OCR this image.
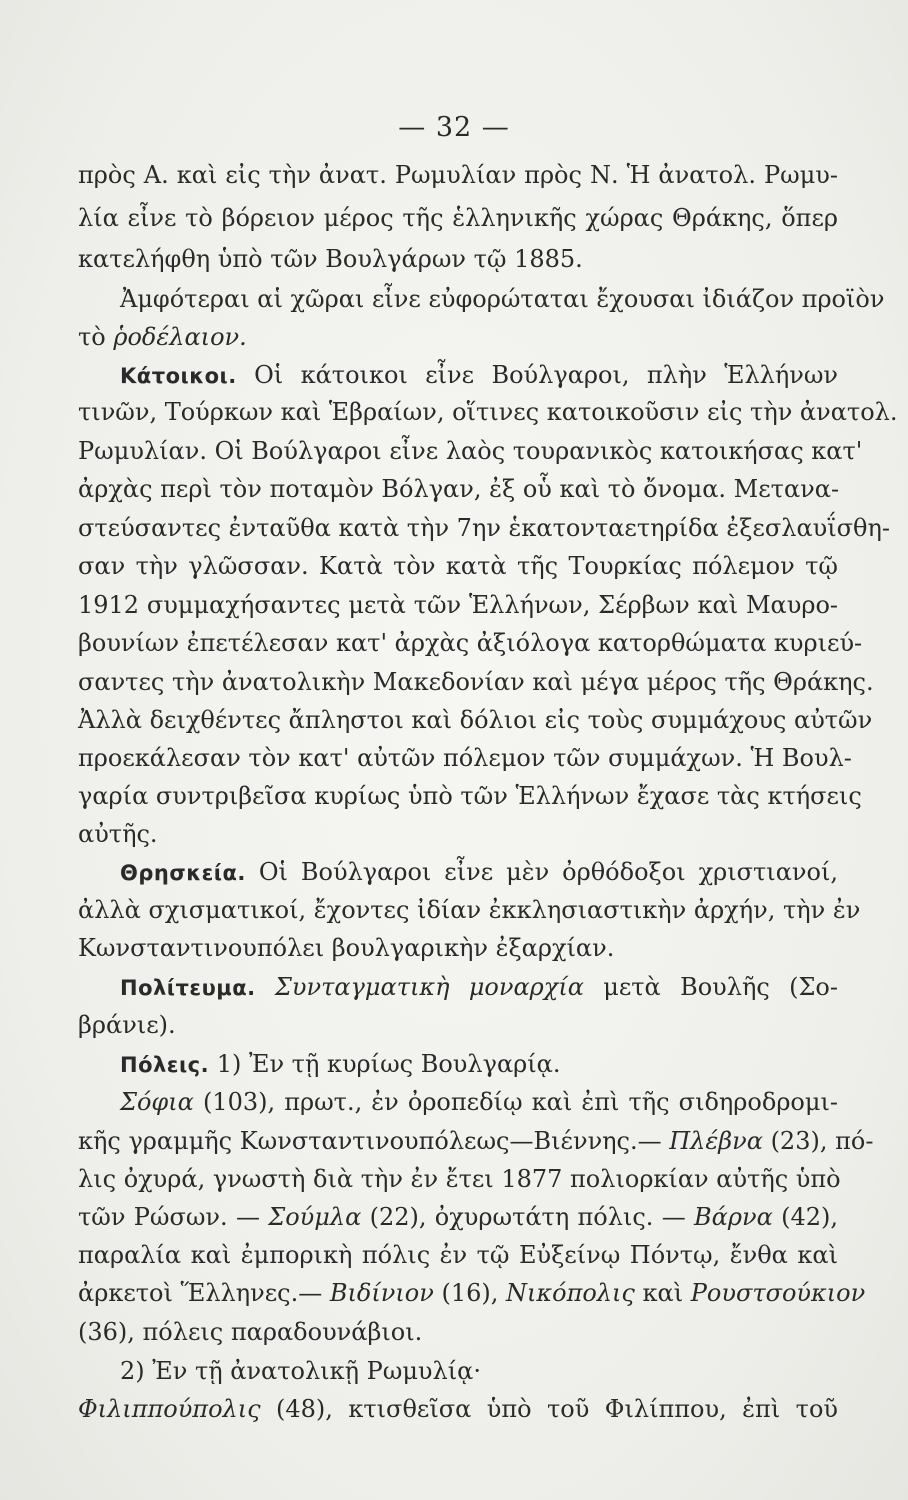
— 32 —
πρὸς Α. καὶ εἰς τὴν ἀνατ. Ρωμυλίαν πρὸς Ν. Ἡ ἀνατολ. Ρωμυ-
λία εἶνε τὸ βόρειον μέρος τῆς ἑλληνικῆς χώρας Θράκης, ὅπερ
κατελήφθη ὑπὸ τῶν Βουλγάρων τῷ 1885.
Ἀμφότεραι αἱ χῶραι εἶνε εὐφορώταται ἔχουσαι ἰδιάζον προϊὸν
τὸ ῥοδέλαιον.
Κάτοικοι. Οἱ κάτοικοι εἶνε Βούλγαροι, πλὴν Ἑλλήνων
τινῶν, Τούρκων καὶ Ἑβραίων, οἵτινες κατοικοῦσιν εἰς τὴν ἀνατολ.
Ρωμυλίαν. Οἱ Βούλγαροι εἶνε λαὸς τουρανικὸς κατοικήσας κατ'
ἀρχὰς περὶ τὸν ποταμὸν Βόλγαν, ἐξ οὗ καὶ τὸ ὄνομα. Μετανα-
στεύσαντες ἐνταῦθα κατὰ τὴν 7ην ἑκατονταετηρίδα ἐξεσλαυΐσθη-
σαν τὴν γλῶσσαν. Κατὰ τὸν κατὰ τῆς Τουρκίας πόλεμον τῷ
1912 συμμαχήσαντες μετὰ τῶν Ἑλλήνων, Σέρβων καὶ Μαυρο-
βουνίων ἐπετέλεσαν κατ' ἀρχὰς ἀξιόλογα κατορθώματα κυριεύ-
σαντες τὴν ἀνατολικὴν Μακεδονίαν καὶ μέγα μέρος τῆς Θράκης.
Ἀλλὰ δειχθέντες ἄπληστοι καὶ δόλιοι εἰς τοὺς συμμάχους αὐτῶν
προεκάλεσαν τὸν κατ' αὐτῶν πόλεμον τῶν συμμάχων. Ἡ Βουλ-
γαρία συντριβεῖσα κυρίως ὑπὸ τῶν Ἑλλήνων ἔχασε τὰς κτήσεις
αὐτῆς.
Θρησκεία. Οἱ Βούλγαροι εἶνε μὲν ὀρθόδοξοι χριστιανοί,
ἀλλὰ σχισματικοί, ἔχοντες ἰδίαν ἐκκλησιαστικὴν ἀρχήν, τὴν ἐν
Κωνσταντινουπόλει βουλγαρικὴν ἐξαρχίαν.
Πολίτευμα. Συνταγματικὴ μοναρχία μετὰ Βουλῆς (Σο-
βράνιε).
Πόλεις. 1) Ἐν τῇ κυρίως Βουλγαρίᾳ.
Σόφια (103), πρωτ., ἐν ὀροπεδίῳ καὶ ἐπὶ τῆς σιδηροδρομι-
κῆς γραμμῆς Κωνσταντινουπόλεως—Βιέννης.— Πλέβνα (23), πό-
λις ὀχυρά, γνωστὴ διὰ τὴν ἐν ἔτει 1877 πολιορκίαν αὐτῆς ὑπὸ
τῶν Ρώσων. — Σούμλα (22), ὀχυρωτάτη πόλις. — Βάρνα (42),
παραλία καὶ ἐμπορικὴ πόλις ἐν τῷ Εὐξείνῳ Πόντῳ, ἔνθα καὶ
ἀρκετοὶ Ἕλληνες.— Βιδίνιον (16), Νικόπολις καὶ Ρουστσούκιον
(36), πόλεις παραδουνάβιοι.
2) Ἐν τῇ ἀνατολικῇ Ρωμυλίᾳ·
Φιλιππούπολις (48), κτισθεῖσα ὑπὸ τοῦ Φιλίππου, ἐπὶ τοῦ
